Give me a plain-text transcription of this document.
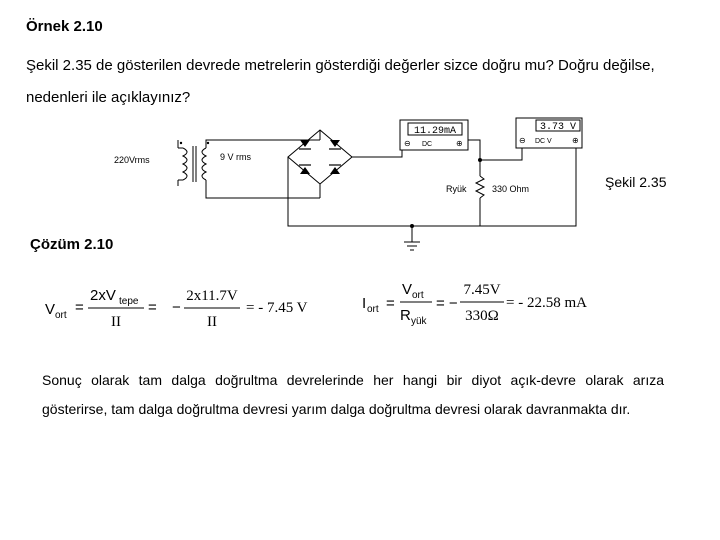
Örnek 2.10
Şekil 2.35 de gösterilen devrede metrelerin gösterdiği değerler sizce doğru mu? Doğru değilse, nedenleri ile açıklayınız?
11.29mA
⊖ DC	⊕
3.73 V
⊖ DC V	⊕
220Vrms	9 V rms
Ryük	330 Ohm	Şekil 2.35
Çözüm 2.10
V ort =
2xV tepe
II
= −
2x11.7V
II
= - 7.45 V	I ort =
V ort
R yük
= −
7.45V
330Ω
= - 22.58 mA
Sonuç olarak tam dalga doğrultma devrelerinde her hangi bir diyot açık-devre olarak arıza gösterirse, tam dalga doğrultma devresi yarım dalga doğrultma devresi olarak davranmakta dır.
